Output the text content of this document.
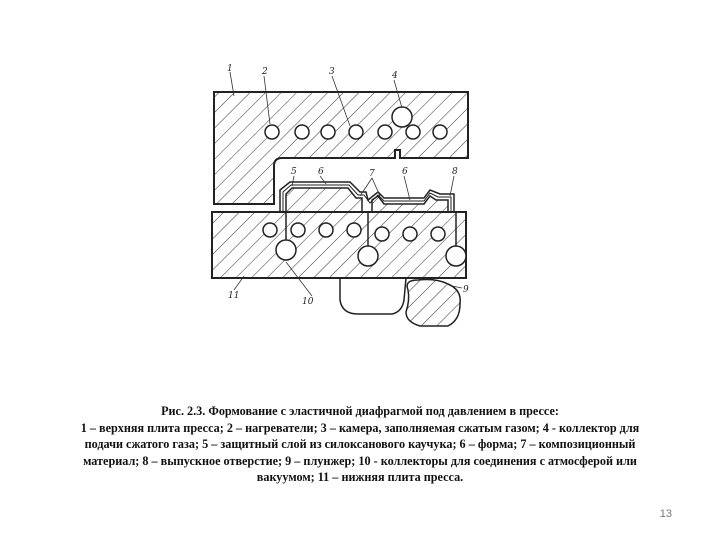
1	2	3	4
5 6	7	6	8
11
10
9
Рис. 2.3. Формование с эластичной диафрагмой под давлением в прессе:
1 – верхняя плита пресса; 2 – нагреватели; 3 – камера, заполняемая сжатым газом; 4 - коллектор для
подачи сжатого газа; 5 – защитный слой из силоксанового каучука; 6 – форма; 7 – композиционный
материал; 8 – выпускное отверстие; 9 – плунжер; 10 - коллекторы для соединения с атмосферой или
вакуумом; 11 – нижняя плита пресса.
13
